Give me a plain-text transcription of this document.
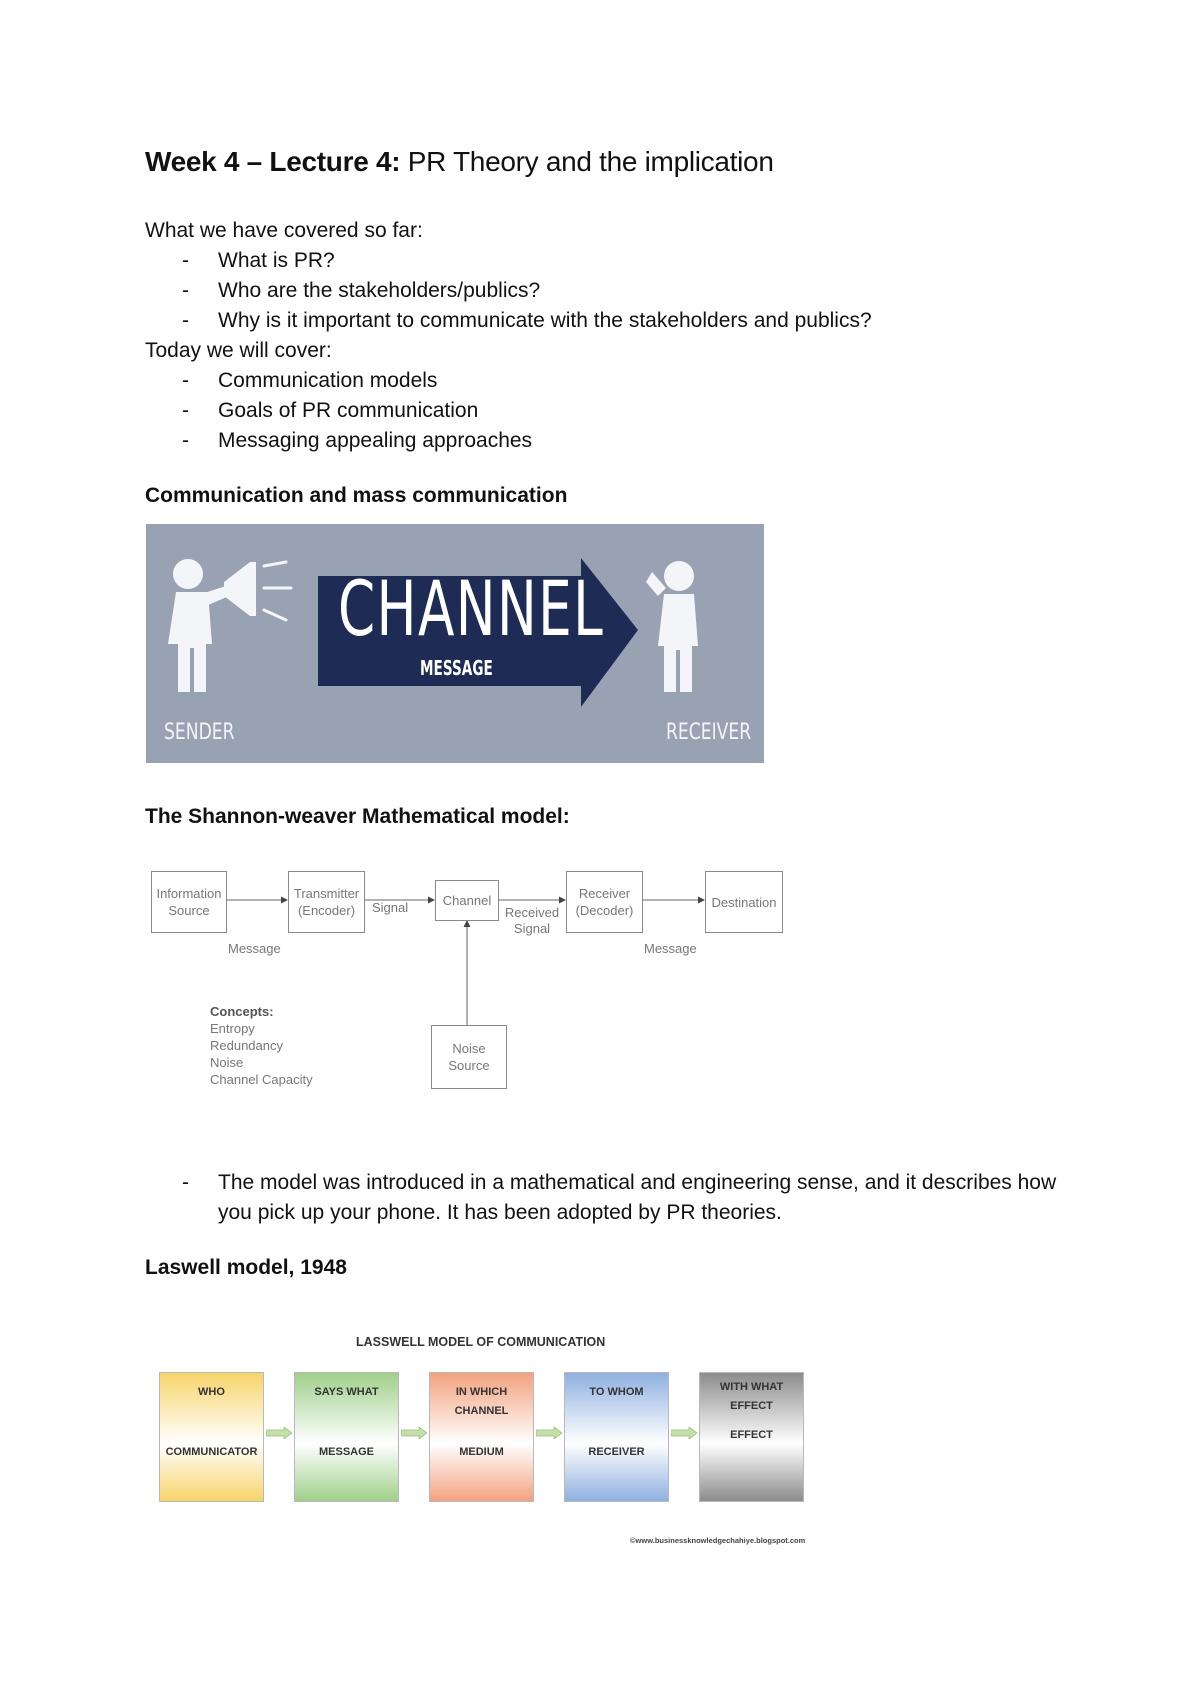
Week 4 – Lecture 4: PR Theory and the implication

What we have covered so far:

- What is PR?
- Who are the stakeholders/publics?
- Why is it important to communicate with the stakeholders and publics?

Today we will cover:

- Communication models
- Goals of PR communication
- Messaging appealing approaches

Communication and mass communication

SENDER
CHANNEL
MESSAGE
RECEIVER

The Shannon-weaver Mathematical model:

Information Source
Transmitter (Encoder)	Signal	Channel
Received Signal
Receiver (Decoder)
Destination
Message	Message
Noise Source
Concepts:
Entropy
Redundancy
Noise
Channel Capacity
- The model was introduced in a mathematical and engineering sense, and it describes how you pick up your phone. It has been adopted by PR theories.

Laswell model, 1948

LASSWELL MODEL OF COMMUNICATION
WHO
COMMUNICATOR
SAYS WHAT
MESSAGE
IN WHICH CHANNEL
MEDIUM
TO WHOM
RECEIVER
WITH WHAT EFFECT
EFFECT
©www.businessknowledgechahiye.blogspot.com
